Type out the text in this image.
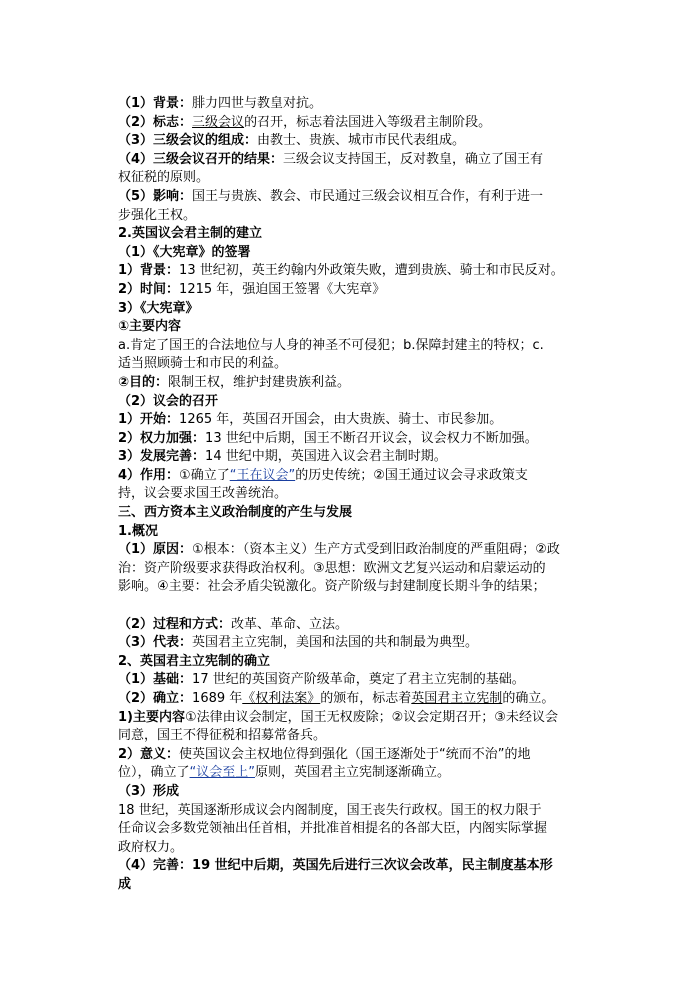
（1）背景：腓力四世与教皇对抗。
（2）标志：三级会议的召开，标志着法国进入等级君主制阶段。
（3）三级会议的组成：由教士、贵族、城市市民代表组成。
（4）三级会议召开的结果：三级会议支持国王，反对教皇，确立了国王有
权征税的原则。
（5）影响：国王与贵族、教会、市民通过三级会议相互合作，有利于进一
步强化王权。
2.英国议会君主制的建立
（1）《大宪章》的签署
1）背景：13 世纪初，英王约翰内外政策失败，遭到贵族、骑士和市民反对。
2）时间：1215 年，强迫国王签署《大宪章》
3）《大宪章》
①主要内容
a.肯定了国王的合法地位与人身的神圣不可侵犯；b.保障封建主的特权；c.
适当照顾骑士和市民的利益。
②目的：限制王权，维护封建贵族利益。
（2）议会的召开
1）开始：1265 年，英国召开国会，由大贵族、骑士、市民参加。
2）权力加强：13 世纪中后期，国王不断召开议会，议会权力不断加强。
3）发展完善：14 世纪中期，英国进入议会君主制时期。
4）作用：①确立了“王在议会”的历史传统；②国王通过议会寻求政策支
持，议会要求国王改善统治。
三、西方资本主义政治制度的产生与发展
1.概况
（1）原因：①根本：（资本主义）生产方式受到旧政治制度的严重阻碍；②政
治：资产阶级要求获得政治权利。③思想：欧洲文艺复兴运动和启蒙运动的
影响。④主要：社会矛盾尖锐激化。资产阶级与封建制度长期斗争的结果；
（2）过程和方式：改革、革命、立法。
（3）代表：英国君主立宪制，美国和法国的共和制最为典型。
2、英国君主立宪制的确立
（1）基础：17 世纪的英国资产阶级革命，奠定了君主立宪制的基础。
（2）确立：1689 年《权利法案》的颁布，标志着英国君主立宪制的确立。
1)主要内容①法律由议会制定，国王无权废除；②议会定期召开；③未经议会
同意，国王不得征税和招募常备兵。
2）意义：使英国议会主权地位得到强化（国王逐渐处于“统而不治”的地
位），确立了“议会至上”原则，英国君主立宪制逐渐确立。
（3）形成
18 世纪，英国逐渐形成议会内阁制度，国王丧失行政权。国王的权力限于
任命议会多数党领袖出任首相，并批准首相提名的各部大臣，内阁实际掌握
政府权力。
（4）完善：19 世纪中后期，英国先后进行三次议会改革，民主制度基本形
成
